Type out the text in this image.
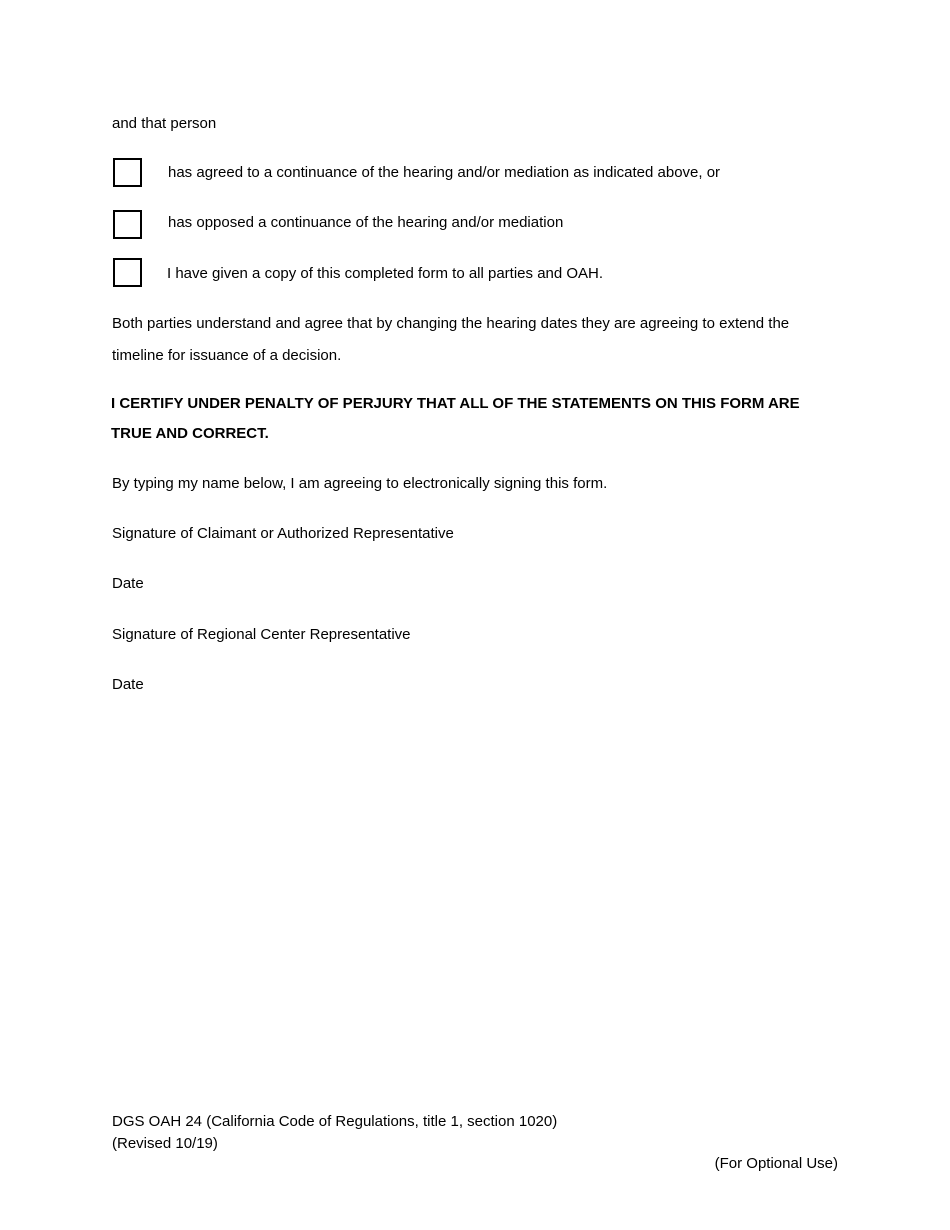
and that person
has agreed to a continuance of the hearing and/or mediation as indicated above, or
has opposed a continuance of the hearing and/or mediation
I have given a copy of this completed form to all parties and OAH.
Both parties understand and agree that by changing the hearing dates they are agreeing to extend the
timeline for issuance of a decision.
I CERTIFY UNDER PENALTY OF PERJURY THAT ALL OF THE STATEMENTS ON THIS FORM ARE
TRUE AND CORRECT.
By typing my name below, I am agreeing to electronically signing this form.
Signature of Claimant or Authorized Representative
Date
Signature of Regional Center Representative
Date
DGS OAH 24 (California Code of Regulations, title 1, section 1020)
(Revised 10/19)
(For Optional Use)
